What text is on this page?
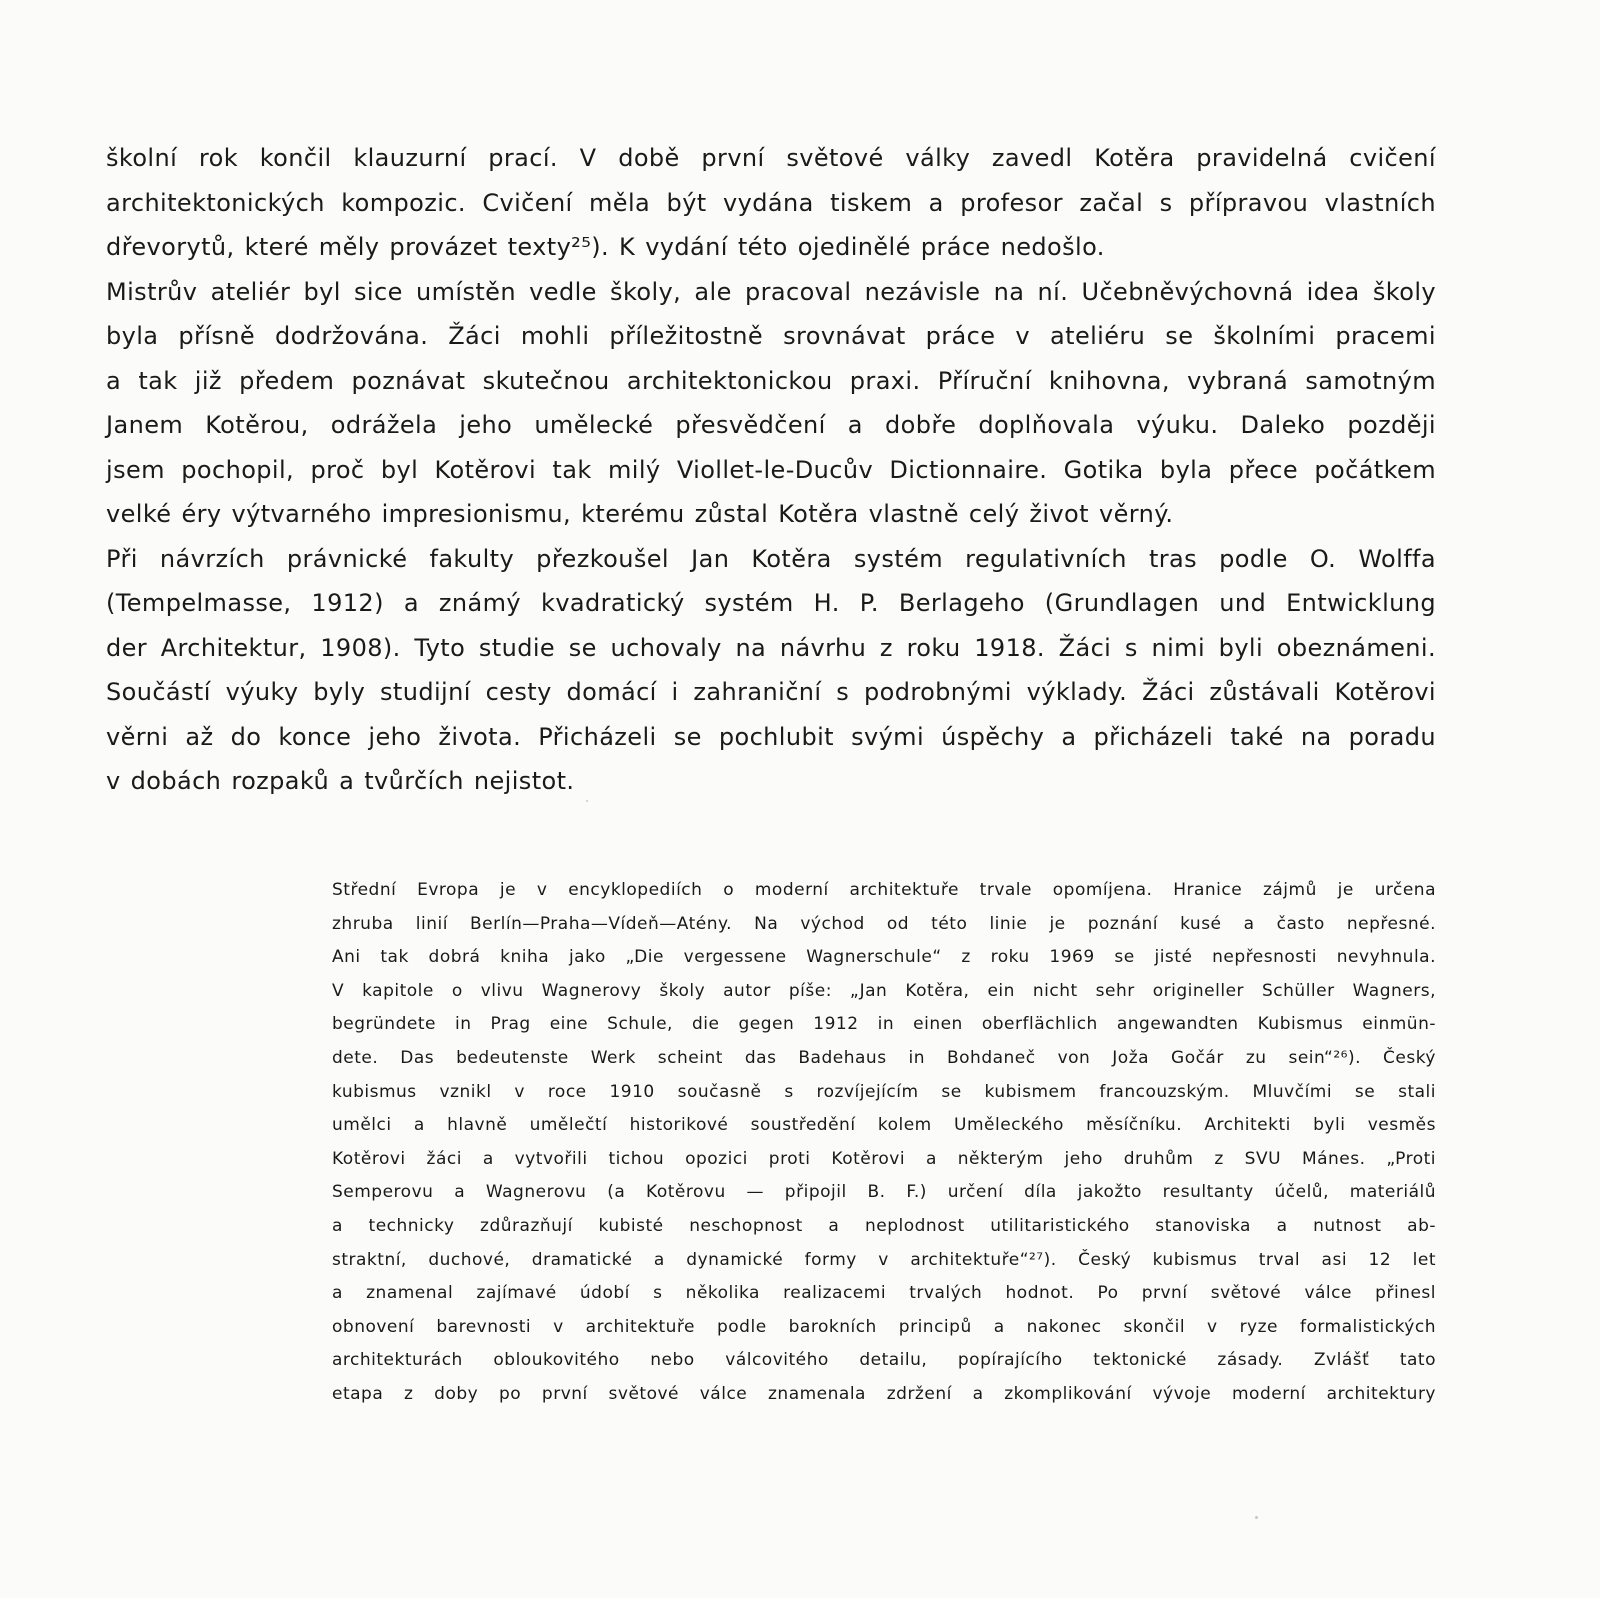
školní rok končil klauzurní prací. V době první světové války zavedl Kotěra pravidelná cvičení
architektonických kompozic. Cvičení měla být vydána tiskem a profesor začal s přípravou vlastních
dřevorytů, které měly provázet texty²⁵). K vydání této ojedinělé práce nedošlo.
Mistrův ateliér byl sice umístěn vedle školy, ale pracoval nezávisle na ní. Učebněvýchovná idea školy
byla přísně dodržována. Žáci mohli příležitostně srovnávat práce v ateliéru se školními pracemi
a tak již předem poznávat skutečnou architektonickou praxi. Příruční knihovna, vybraná samotným
Janem Kotěrou, odrážela jeho umělecké přesvědčení a dobře doplňovala výuku. Daleko později
jsem pochopil, proč byl Kotěrovi tak milý Viollet-le-Ducův Dictionnaire. Gotika byla přece počátkem
velké éry výtvarného impresionismu, kterému zůstal Kotěra vlastně celý život věrný.
Při návrzích právnické fakulty přezkoušel Jan Kotěra systém regulativních tras podle O. Wolffa
(Tempelmasse, 1912) a známý kvadratický systém H. P. Berlageho (Grundlagen und Entwicklung
der Architektur, 1908). Tyto studie se uchovaly na návrhu z roku 1918. Žáci s nimi byli obeznámeni.
Součástí výuky byly studijní cesty domácí i zahraniční s podrobnými výklady. Žáci zůstávali Kotěrovi
věrni až do konce jeho života. Přicházeli se pochlubit svými úspěchy a přicházeli také na poradu
v dobách rozpaků a tvůrčích nejistot.
Střední Evropa je v encyklopediích o moderní architektuře trvale opomíjena. Hranice zájmů je určena
zhruba linií Berlín—Praha—Vídeň—Atény. Na východ od této linie je poznání kusé a často nepřesné.
Ani tak dobrá kniha jako „Die vergessene Wagnerschule“ z roku 1969 se jisté nepřesnosti nevyhnula.
V kapitole o vlivu Wagnerovy školy autor píše: „Jan Kotěra, ein nicht sehr origineller Schüller Wagners,
begründete in Prag eine Schule, die gegen 1912 in einen oberflächlich angewandten Kubismus einmün-
dete. Das bedeutenste Werk scheint das Badehaus in Bohdaneč von Joža Gočár zu sein“²⁶). Český
kubismus vznikl v roce 1910 současně s rozvíjejícím se kubismem francouzským. Mluvčími se stali
umělci a hlavně umělečtí historikové soustředění kolem Uměleckého měsíčníku. Architekti byli vesměs
Kotěrovi žáci a vytvořili tichou opozici proti Kotěrovi a některým jeho druhům z SVU Mánes. „Proti
Semperovu a Wagnerovu (a Kotěrovu — připojil B. F.) určení díla jakožto resultanty účelů, materiálů
a technicky zdůrazňují kubisté neschopnost a neplodnost utilitaristického stanoviska a nutnost ab-
straktní, duchové, dramatické a dynamické formy v architektuře“²⁷). Český kubismus trval asi 12 let
a znamenal zajímavé údobí s několika realizacemi trvalých hodnot. Po první světové válce přinesl
obnovení barevnosti v architektuře podle barokních principů a nakonec skončil v ryze formalistických
architekturách obloukovitého nebo válcovitého detailu, popírajícího tektonické zásady. Zvlášť tato
etapa z doby po první světové válce znamenala zdržení a zkomplikování vývoje moderní architektury
